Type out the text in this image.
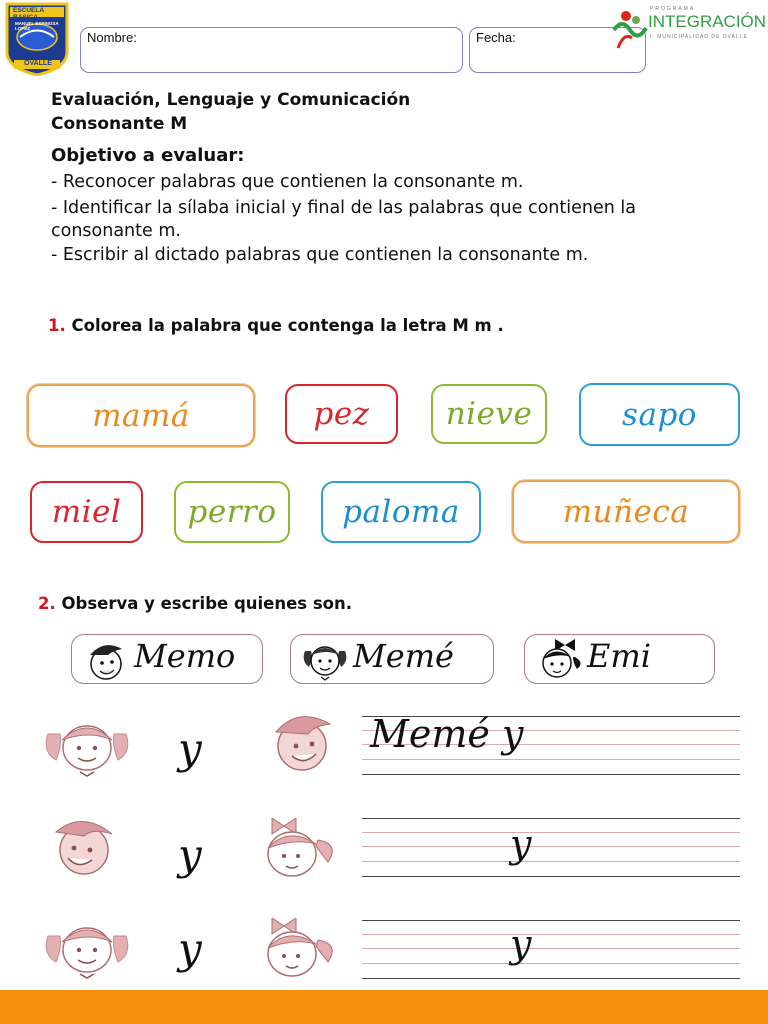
ESCUELA BASICA
MANUEL ESPINOSA LOPEZ
OVALLE
Nombre:	Fecha:
PROGRAMA
INTEGRACIÓN
I. MUNICIPALIDAD DE OVALLE
Evaluación, Lenguaje y Comunicación
Consonante M
Objetivo a evaluar:
- Reconocer palabras que contienen la consonante m.
- Identificar la sílaba inicial y final de las palabras que contienen la
consonante m.
- Escribir al dictado palabras que contienen la consonante m.
1. Colorea la palabra que contenga la letra M m .
mamá	pez nieve	sapo
miel perro paloma	muñeca
2. Observa y escribe quienes son.
Memo	Memé	Emi
y	Memé y
y	y
y	y
